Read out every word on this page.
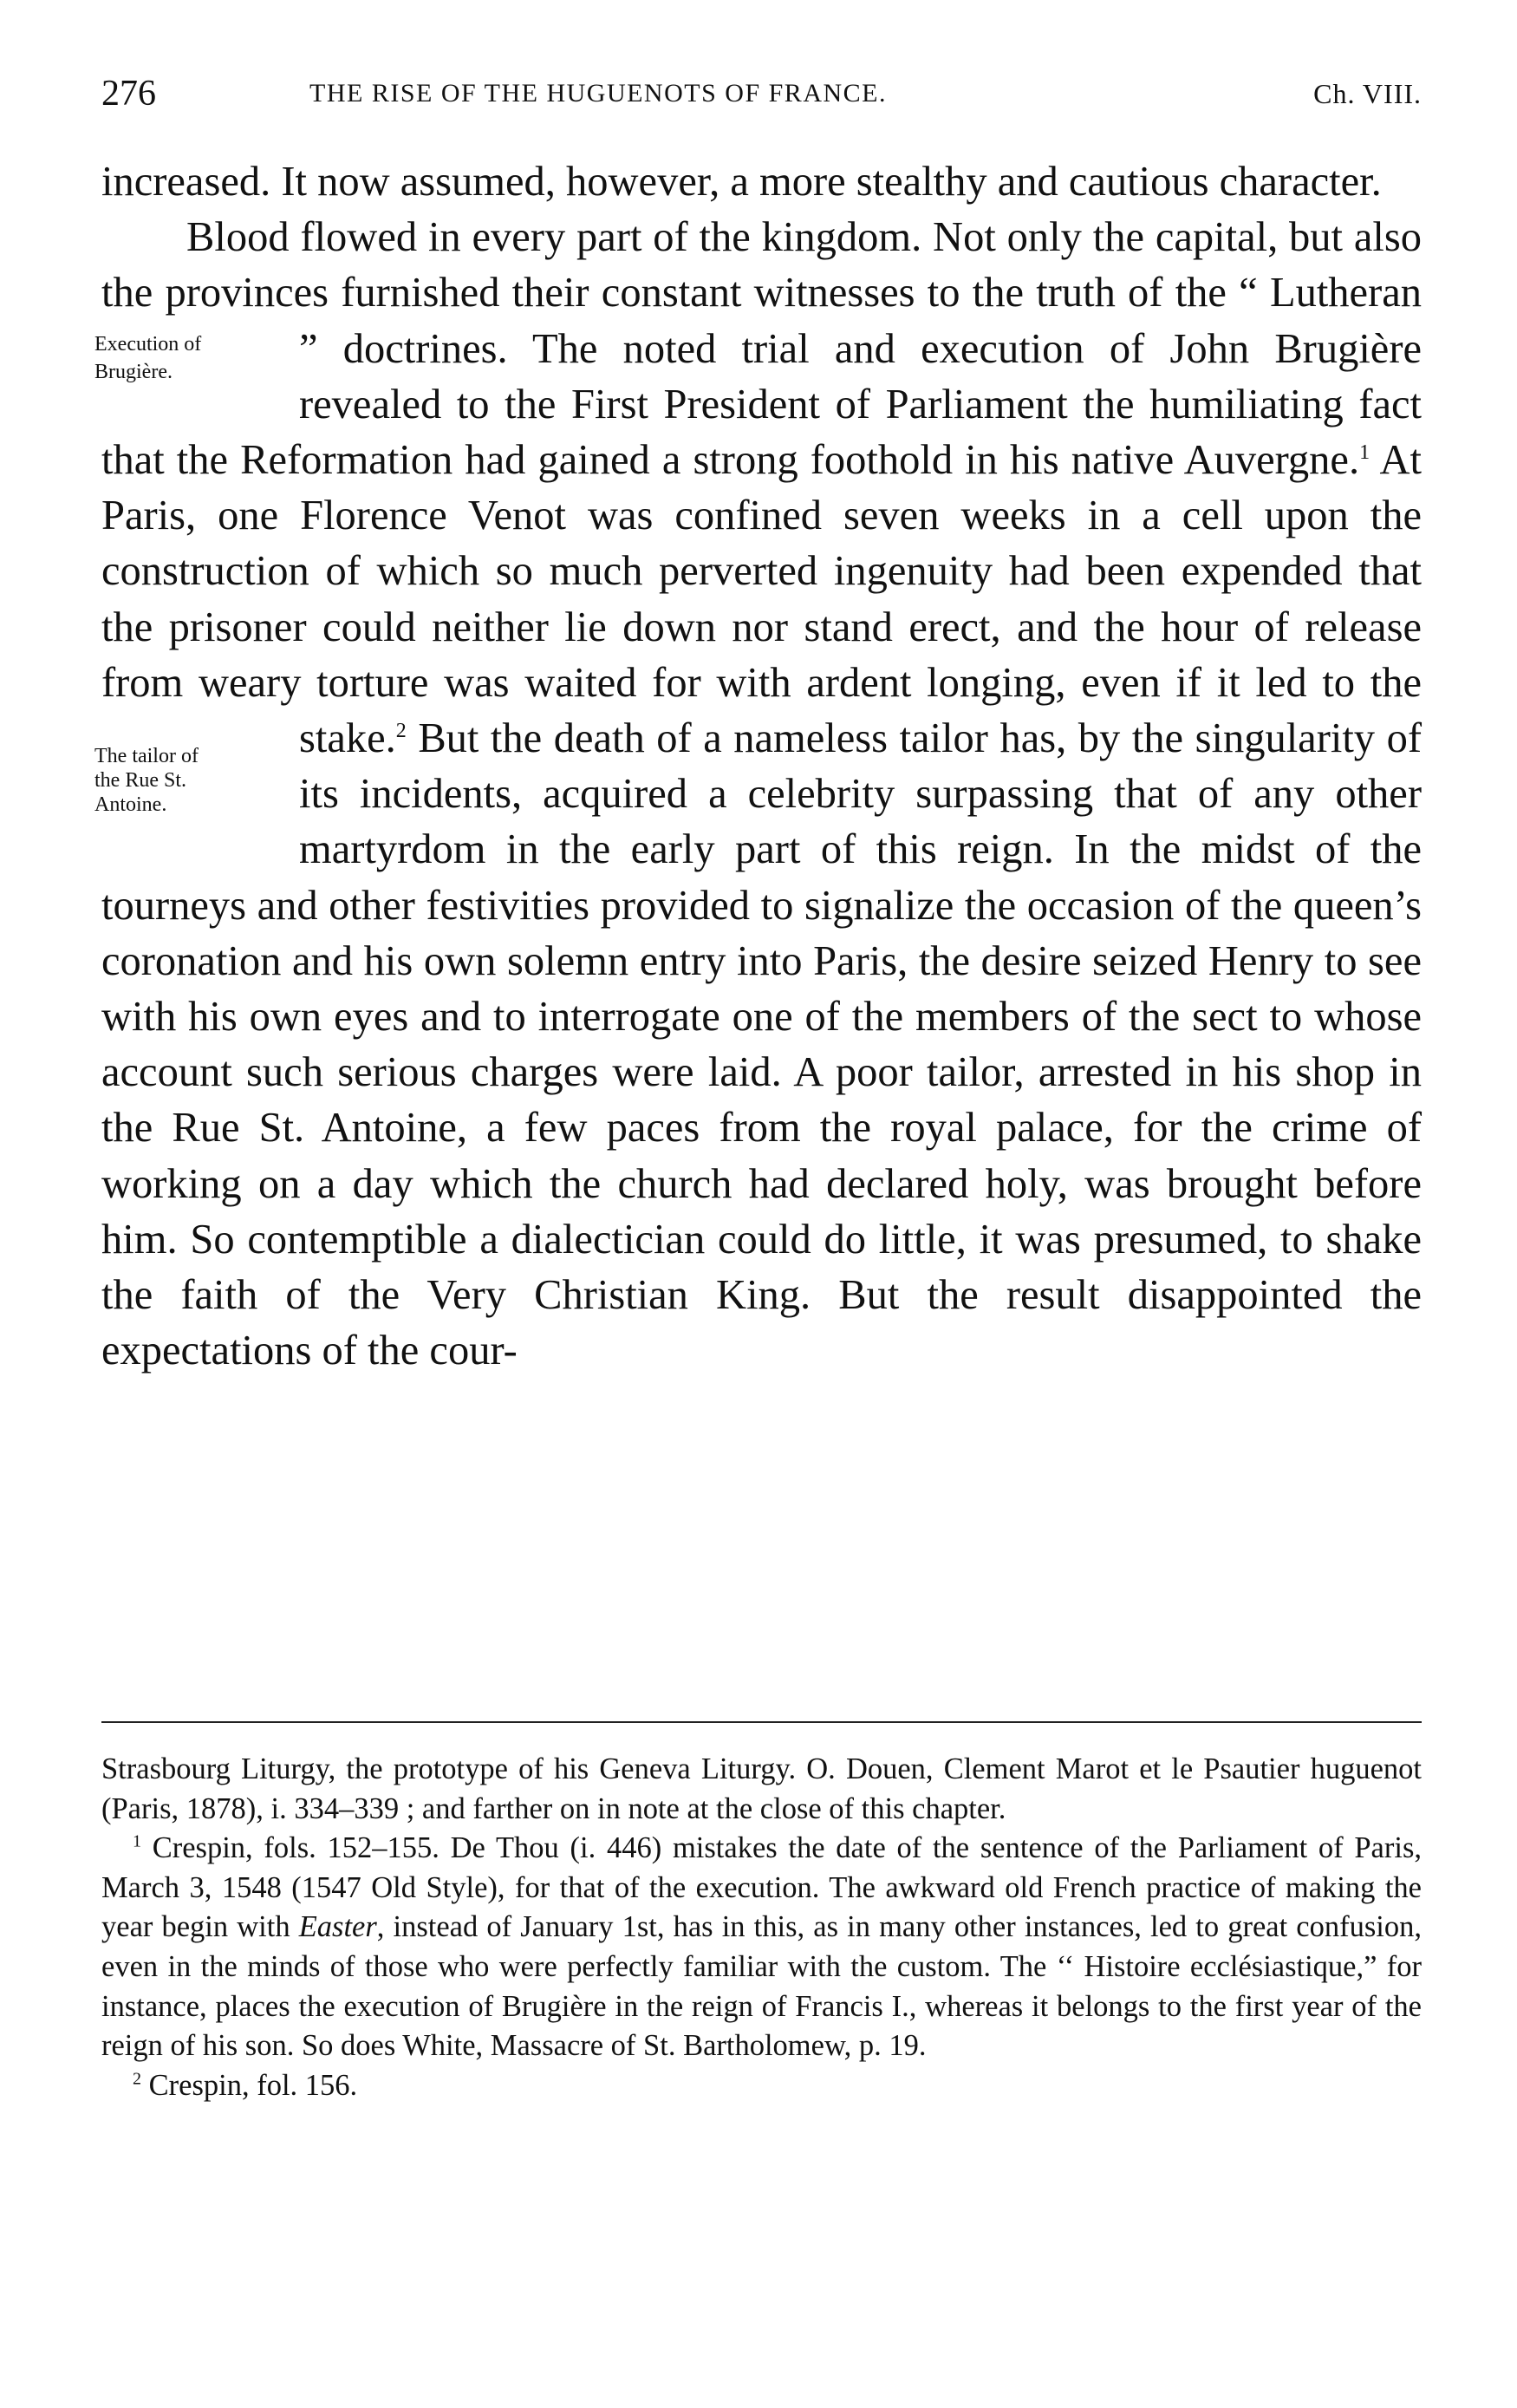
276	THE RISE OF THE HUGUENOTS OF FRANCE.	Ch. VIII.

increased. It now assumed, however, a more stealthy and cautious character.

Blood flowed in every part of the kingdom. Not only the capital, but also the provinces furnished their constant witnesses to the truth of the “ Lutheran ” doctrines. The noted trial and
Execution of
Brugière.	execution of John Brugière revealed to the First President of Parliament the humiliating fact that the Reformation had gained a strong foothold in his native Auvergne.$^1$ At Paris, one Florence Venot was confined seven weeks in a cell upon the construction of which so much perverted ingenuity had been expended that the prisoner could neither lie down nor stand erect, and the hour of release from weary torture was waited for with ardent longing, even if it led
The tailor of
the Rue St.
Antoine.
to the stake.$^2$ But the death of a nameless tailor has, by the singularity of its incidents, acquired a celebrity surpassing that of any other martyrdom in the early part of this reign. In the midst of the tourneys and other festivities provided to signalize the occasion of the queen’s coronation and his own solemn entry into Paris, the desire seized Henry to see with his own eyes and to interrogate one of the members of the sect to whose account such serious charges were laid. A poor tailor, arrested in his shop in the Rue St. Antoine, a few paces from the royal palace, for the crime of working on a day which the church had declared holy, was brought before him. So contemptible a dialectician could do little, it was presumed, to shake the faith of the Very Christian King. But the result disappointed the expectations of the cour-

Strasbourg Liturgy, the prototype of his Geneva Liturgy. O. Douen, Clement Marot et le Psautier huguenot (Paris, 1878), i. 334–339 ; and farther on in note at the close of this chapter.

$^1$ Crespin, fols. 152–155. De Thou (i. 446) mistakes the date of the sentence of the Parliament of Paris, March 3, 1548 (1547 Old Style), for that of the execution. The awkward old French practice of making the year begin with Easter, instead of January 1st, has in this, as in many other instances, led to great confusion, even in the minds of those who were perfectly familiar with the custom. The ‘‘ Histoire ecclésiastique,” for instance, places the execution of Brugière in the reign of Francis I., whereas it belongs to the first year of the reign of his son. So does White, Massacre of St. Bartholomew, p. 19.

$^2$ Crespin, fol. 156.
